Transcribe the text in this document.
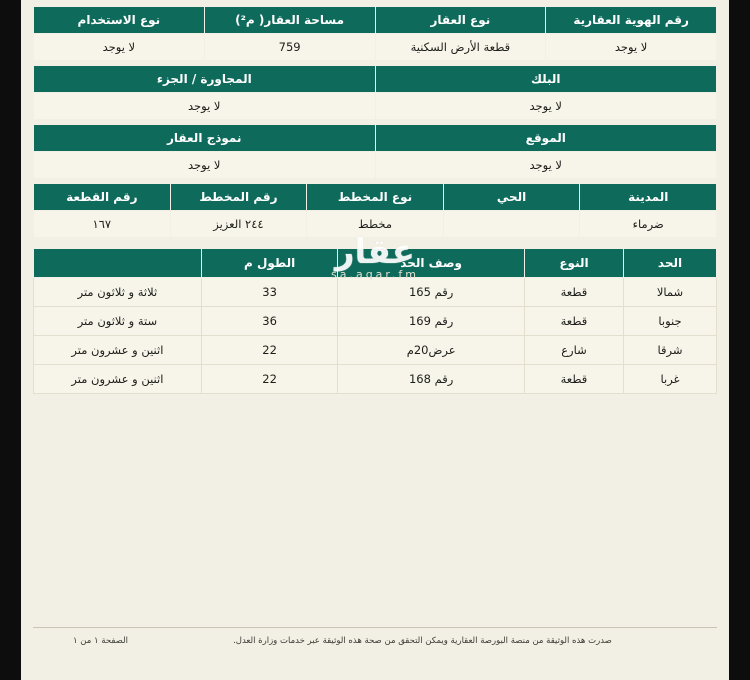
رقم الهوية العقارية	نوع العقار	مساحة العقار( م²)	نوع الاستخدام
لا يوجد	قطعة الأرض السكنية	759	لا يوجد
البلك	المجاورة / الجزء
لا يوجد	لا يوجد
الموقع	نموذج العقار
لا يوجد	لا يوجد
المدينة	الحي	نوع المخطط	رقم المخطط	رقم القطعة
ضرماء		مخطط	٢٤٤ العزيز	١٦٧
الحد	النوع	وصف الحد	الطول م	
شمالا	قطعة	رقم 165	33	ثلاثة و ثلاثون متر
جنوبا	قطعة	رقم 169	36	ستة و ثلاثون متر
شرقا	شارع	عرض20م	22	اثنين و عشرون متر
غربا	قطعة	رقم 168	22	اثنين و عشرون متر
عقار
sa.aqar.fm
صدرت هذه الوثيقة من منصة البورصة العقارية ويمكن التحقق من صحة هذه الوثيقة عبر خدمات وزارة العدل.
الصفحة ١ من ١
